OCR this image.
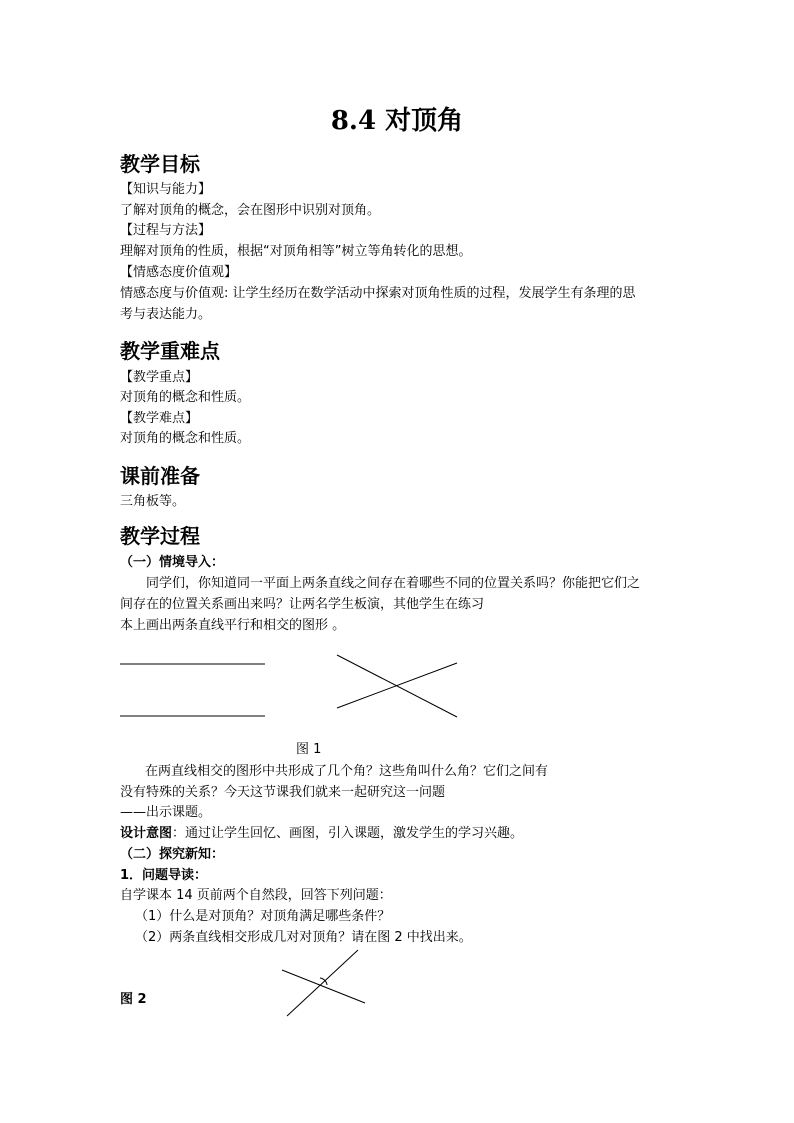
8.4 对顶角
教学目标
【知识与能力】
了解对顶角的概念，会在图形中识别对顶角。
【过程与方法】
理解对顶角的性质，根据“对顶角相等”树立等角转化的思想。
【情感态度价值观】
情感态度与价值观: 让学生经历在数学活动中探索对顶角性质的过程，发展学生有条理的思
考与表达能力。
教学重难点
【教学重点】
对顶角的概念和性质。
【教学难点】
对顶角的概念和性质。
课前准备
三角板等。
教学过程
（一）情境导入：
同学们，你知道同一平面上两条直线之间存在着哪些不同的位置关系吗？你能把它们之
间存在的位置关系画出来吗？让两名学生板演，其他学生在练习
本上画出两条直线平行和相交的图形 。
图 1
在两直线相交的图形中共形成了几个角？这些角叫什么角？它们之间有
没有特殊的关系？今天这节课我们就来一起研究这一问题
——出示课题。
设计意图：通过让学生回忆、画图，引入课题，激发学生的学习兴趣。
（二）探究新知：
1．问题导读：
自学课本 14 页前两个自然段，回答下列问题：
（1）什么是对顶角？对顶角满足哪些条件？
（2）两条直线相交形成几对对顶角？请在图 2 中找出来。
图 2
